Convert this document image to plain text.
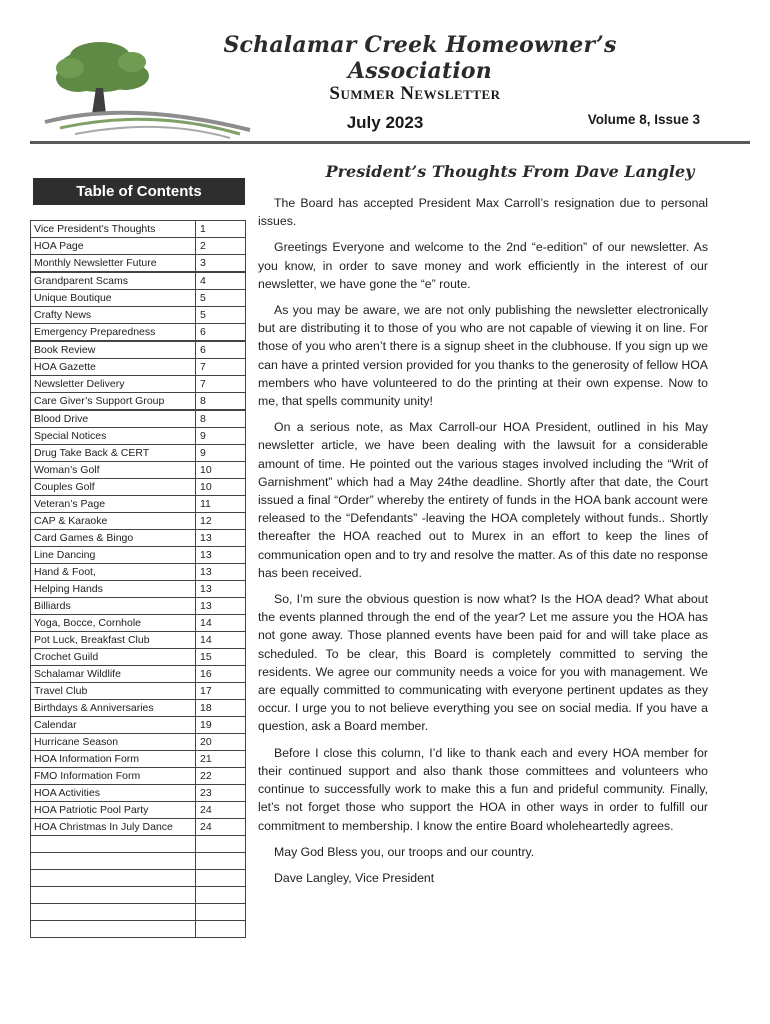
Schalamar Creek Homeowner’s Association
Summer Newsletter
July 2023	Volume 8, Issue 3
Table of Contents
Vice President’s Thoughts	1
HOA Page	2
Monthly Newsletter Future	3
Grandparent Scams	4
Unique Boutique	5
Crafty News	5
Emergency Preparedness	6
Book Review	6
HOA Gazette	7
Newsletter Delivery	7
Care Giver’s Support Group	8
Blood Drive	8
Special Notices	9
Drug Take Back & CERT	9
Woman’s Golf	10
Couples Golf	10
Veteran’s Page	11
CAP & Karaoke	12
Card Games & Bingo	13
Line Dancing	13
Hand & Foot,	13
Helping Hands	13
Billiards	13
Yoga, Bocce, Cornhole	14
Pot Luck, Breakfast Club	14
Crochet Guild	15
Schalamar Wildlife	16
Travel Club	17
Birthdays & Anniversaries	18
Calendar	19
Hurricane Season	20
HOA Information Form	21
FMO Information Form	22
HOA Activities	23
HOA Patriotic Pool Party	24
HOA Christmas In July Dance	24

President’s Thoughts From Dave Langley

The Board has accepted President Max Carroll’s resignation due to personal issues.

Greetings Everyone and welcome to the 2nd “e-edition” of our newsletter. As you know, in order to save money and work efficiently in the interest of our newsletter, we have gone the “e” route.

As you may be aware, we are not only publishing the newsletter electronically but are distributing it to those of you who are not capable of viewing it on line. For those of you who aren’t there is a signup sheet in the clubhouse. If you sign up we can have a printed version provided for you thanks to the generosity of fellow HOA members who have volunteered to do the printing at their own expense. Now to me, that spells community unity!

On a serious note, as Max Carroll-our HOA President, outlined in his May newsletter article, we have been dealing with the lawsuit for a considerable amount of time. He pointed out the various stages involved including the “Writ of Garnishment” which had a May 24the deadline. Shortly after that date, the Court issued a final “Order” whereby the entirety of funds in the HOA bank account were released to the “Defendants” -leaving the HOA completely without funds.. Shortly thereafter the HOA reached out to Murex in an effort to keep the lines of communication open and to try and resolve the matter. As of this date no response has been received.

So, I’m sure the obvious question is now what? Is the HOA dead? What about the events planned through the end of the year? Let me assure you the HOA has not gone away. Those planned events have been paid for and will take place as scheduled. To be clear, this Board is completely committed to serving the residents. We agree our community needs a voice for you with management. We are equally committed to communicating with everyone pertinent updates as they occur. I urge you to not believe everything you see on social media. If you have a question, ask a Board member.

Before I close this column, I’d like to thank each and every HOA member for their continued support and also thank those committees and volunteers who continue to successfully work to make this a fun and prideful community. Finally, let’s not forget those who support the HOA in other ways in order to fulfill our commitment to membership. I know the entire Board wholeheartedly agrees.

May God Bless you, our troops and our country.

Dave Langley, Vice President
